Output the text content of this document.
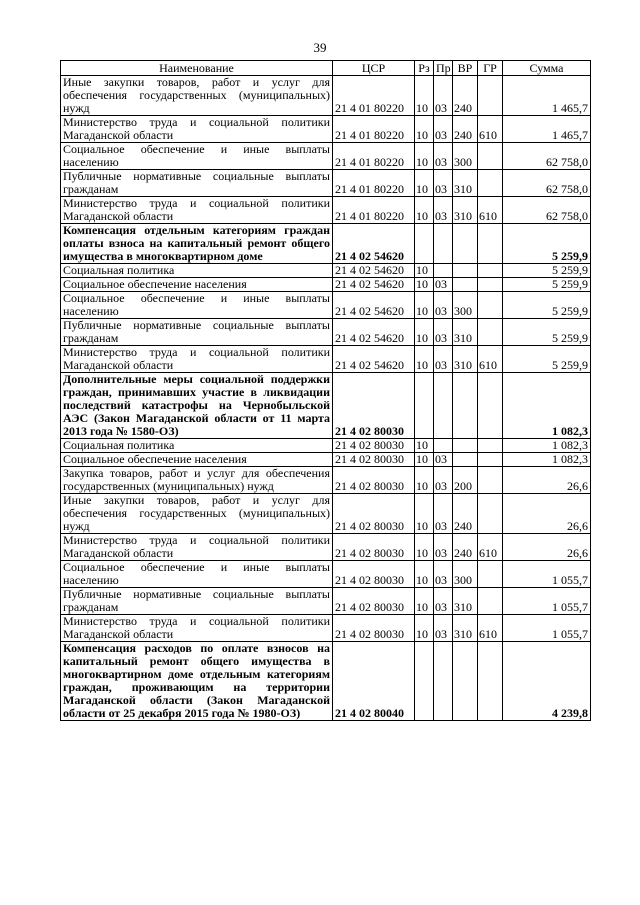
39
Наименование	ЦСР	Рз	Пр	ВР	ГР	Сумма
Иные закупки товаров, работ и услуг для обеспечения государственных (муниципальных) нужд	21 4 01 80220	10	03	240		1 465,7
Министерство труда и социальной политики Магаданской области	21 4 01 80220	10	03	240	610	1 465,7
Социальное обеспечение и иные выплаты населению	21 4 01 80220	10	03	300		62 758,0
Публичные нормативные социальные выплаты гражданам	21 4 01 80220	10	03	310		62 758,0
Министерство труда и социальной политики Магаданской области	21 4 01 80220	10	03	310	610	62 758,0
Компенсация отдельным категориям граждан оплаты взноса на капитальный ремонт общего имущества в многоквартирном доме	21 4 02 54620					5 259,9
Социальная политика	21 4 02 54620	10				5 259,9
Социальное обеспечение населения	21 4 02 54620	10	03			5 259,9
Социальное обеспечение и иные выплаты населению	21 4 02 54620	10	03	300		5 259,9
Публичные нормативные социальные выплаты гражданам	21 4 02 54620	10	03	310		5 259,9
Министерство труда и социальной политики Магаданской области	21 4 02 54620	10	03	310	610	5 259,9
Дополнительные меры социальной поддержки граждан, принимавших участие в ликвидации последствий катастрофы на Чернобыльской АЭС (Закон Магаданской области от 11 марта 2013 года № 1580-ОЗ)	21 4 02 80030					1 082,3
Социальная политика	21 4 02 80030	10				1 082,3
Социальное обеспечение населения	21 4 02 80030	10	03			1 082,3
Закупка товаров, работ и услуг для обеспечения государственных (муниципальных) нужд	21 4 02 80030	10	03	200		26,6
Иные закупки товаров, работ и услуг для обеспечения государственных (муниципальных) нужд	21 4 02 80030	10	03	240		26,6
Министерство труда и социальной политики Магаданской области	21 4 02 80030	10	03	240	610	26,6
Социальное обеспечение и иные выплаты населению	21 4 02 80030	10	03	300		1 055,7
Публичные нормативные социальные выплаты гражданам	21 4 02 80030	10	03	310		1 055,7
Министерство труда и социальной политики Магаданской области	21 4 02 80030	10	03	310	610	1 055,7
Компенсация расходов по оплате взносов на капитальный ремонт общего имущества в многоквартирном доме отдельным категориям граждан, проживающим на территории Магаданской области (Закон Магаданской области от 25 декабря 2015 года № 1980-ОЗ)	21 4 02 80040					4 239,8
